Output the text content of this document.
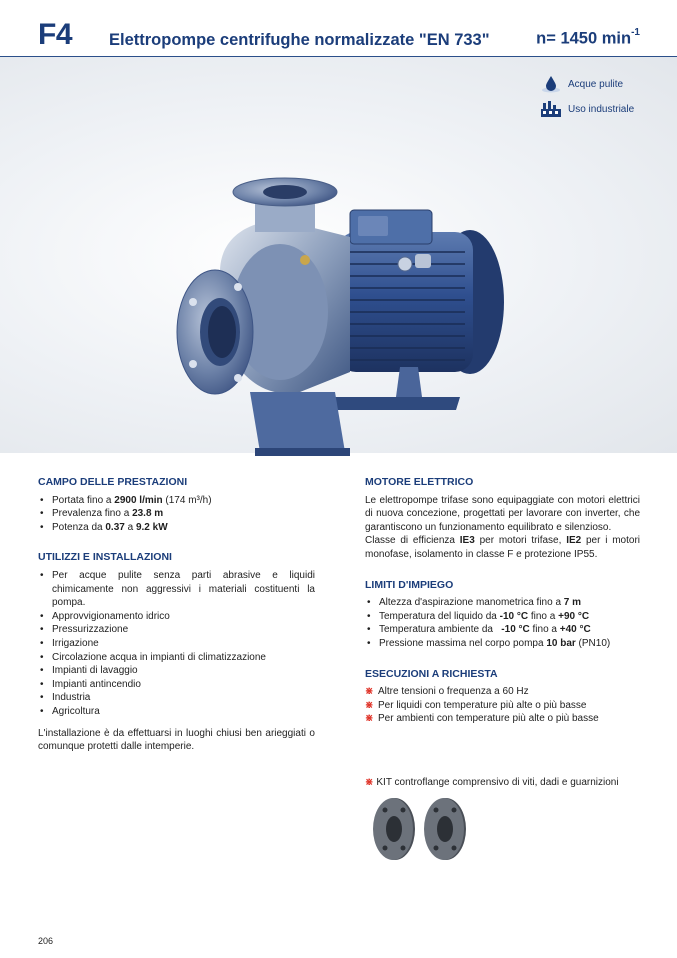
F4 Elettropompe centrifughe normalizzate "EN 733"	n= 1450 $\min^{-1}$
Acque pulite
Uso industriale
CAMPO DELLE PRESTAZIONI
• Portata fino a 2900 l/min (174 m³/h)
• Prevalenza fino a 23.8 m
• Potenza da 0.37 a 9.2 kW
UTILIZZI E INSTALLAZIONI
• Per acque pulite senza parti abrasive e liquidi chimicamente non aggressivi i materiali costituenti la pompa.
• Approvvigionamento idrico
• Pressurizzazione
• Irrigazione
• Circolazione acqua in impianti di climatizzazione
• Impianti di lavaggio
• Impianti antincendio
• Industria
• Agricoltura

L'installazione è da effettuarsi in luoghi chiusi ben arieggiati o comunque protetti dalle intemperie.

MOTORE ELETTRICO

Le elettropompe trifase sono equipaggiate con motori elettrici di nuova concezione, progettati per lavorare con inverter, che garantiscono un funzionamento equilibrato e silenzioso.

Classe di efficienza IE3 per motori trifase, IE2 per i motori monofase, isolamento in classe F e protezione IP55.

LIMITI D'IMPIEGO
• Altezza d'aspirazione manometrica fino a 7 m
• Temperatura del liquido da -10 °C fino a +90 °C
• Temperatura ambiente da   -10 °C fino a +40 °C
• Pressione massima nel corpo pompa 10 bar (PN10)
ESECUZIONI A RICHIESTA
⋇ Altre tensioni o frequenza a 60 Hz
⋇ Per liquidi con temperature più alte o più basse
⋇ Per ambienti con temperature più alte o più basse
⋇ KIT controflange comprensivo di viti, dadi e guarnizioni
206
